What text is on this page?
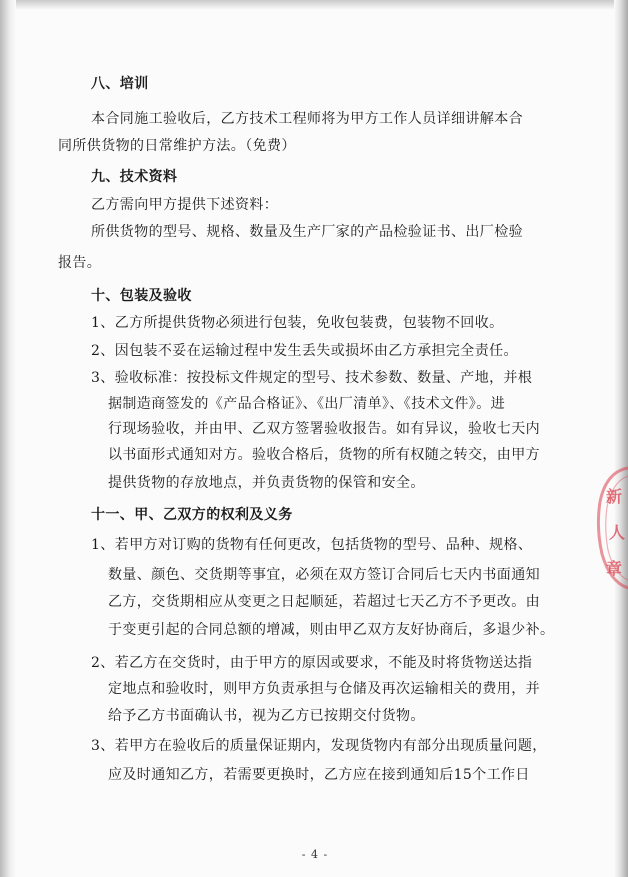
八、培训
本合同施工验收后，乙方技术工程师将为甲方工作人员详细讲解本合
同所供货物的日常维护方法。（免费）
九、技术资料
乙方需向甲方提供下述资料：
所供货物的型号、规格、数量及生产厂家的产品检验证书、出厂检验
报告。
十、包装及验收
1、乙方所提供货物必须进行包装，免收包装费，包装物不回收。
2、因包装不妥在运输过程中发生丢失或损坏由乙方承担完全责任。
3、验收标准：按投标文件规定的型号、技术参数、数量、产地，并根
据制造商签发的《产品合格证》、《出厂清单》、《技术文件》。进
行现场验收，并由甲、乙双方签署验收报告。如有异议，验收七天内
以书面形式通知对方。验收合格后，货物的所有权随之转交，由甲方
提供货物的存放地点，并负责货物的保管和安全。
十一、甲、乙双方的权利及义务
1、若甲方对订购的货物有任何更改，包括货物的型号、品种、规格、
数量、颜色、交货期等事宜，必须在双方签订合同后七天内书面通知
乙方，交货期相应从变更之日起顺延，若超过七天乙方不予更改。由
于变更引起的合同总额的增减，则由甲乙双方友好协商后，多退少补。
2、若乙方在交货时，由于甲方的原因或要求，不能及时将货物送达指
定地点和验收时，则甲方负责承担与仓储及再次运输相关的费用，并
给予乙方书面确认书，视为乙方已按期交付货物。
3、若甲方在验收后的质量保证期内，发现货物内有部分出现质量问题，
应及时通知乙方，若需要更换时，乙方应在接到通知后15个工作日
新
人
章
- 4 -
